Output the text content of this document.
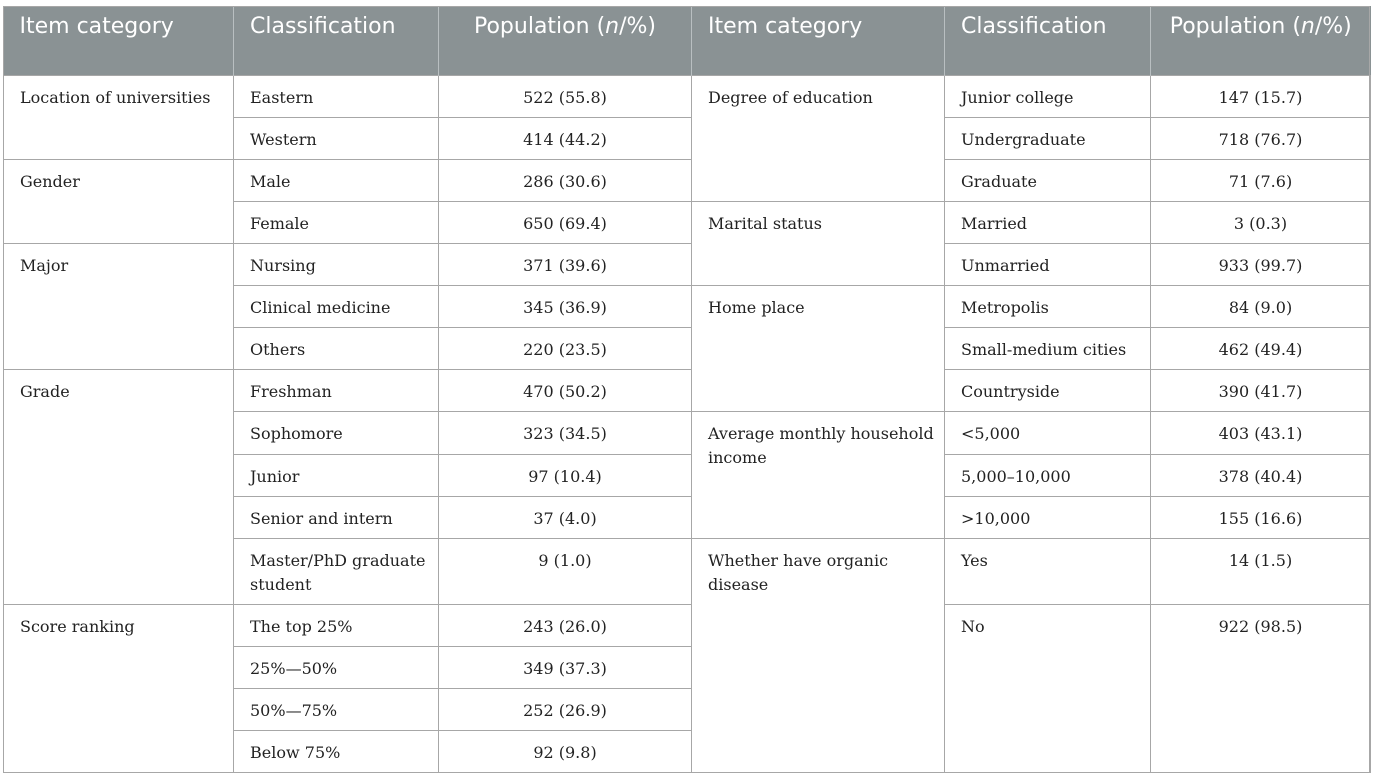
Item category	Classification	Population (n/%)	Item category	Classification	Population (n/%)
Location of universities	Eastern	522 (55.8)	Degree of education	Junior college	147 (15.7)
	Western	414 (44.2)		Undergraduate	718 (76.7)
Gender	Male	286 (30.6)		Graduate	71 (7.6)
	Female	650 (69.4)	Marital status	Married	3 (0.3)
Major	Nursing	371 (39.6)		Unmarried	933 (99.7)
	Clinical medicine	345 (36.9)	Home place	Metropolis	84 (9.0)
	Others	220 (23.5)		Small-medium cities	462 (49.4)
Grade	Freshman	470 (50.2)		Countryside	390 (41.7)
	Sophomore	323 (34.5)	Average monthly household income	<5,000	403 (43.1)
	Junior	97 (10.4)		5,000–10,000	378 (40.4)
	Senior and intern	37 (4.0)		>10,000	155 (16.6)
	Master/PhD graduate student	9 (1.0)	Whether have organic disease	Yes	14 (1.5)
Score ranking	The top 25%	243 (26.0)		No	922 (98.5)
	25%—50%	349 (37.3)			
	50%—75%	252 (26.9)			
	Below 75%	92 (9.8)			
